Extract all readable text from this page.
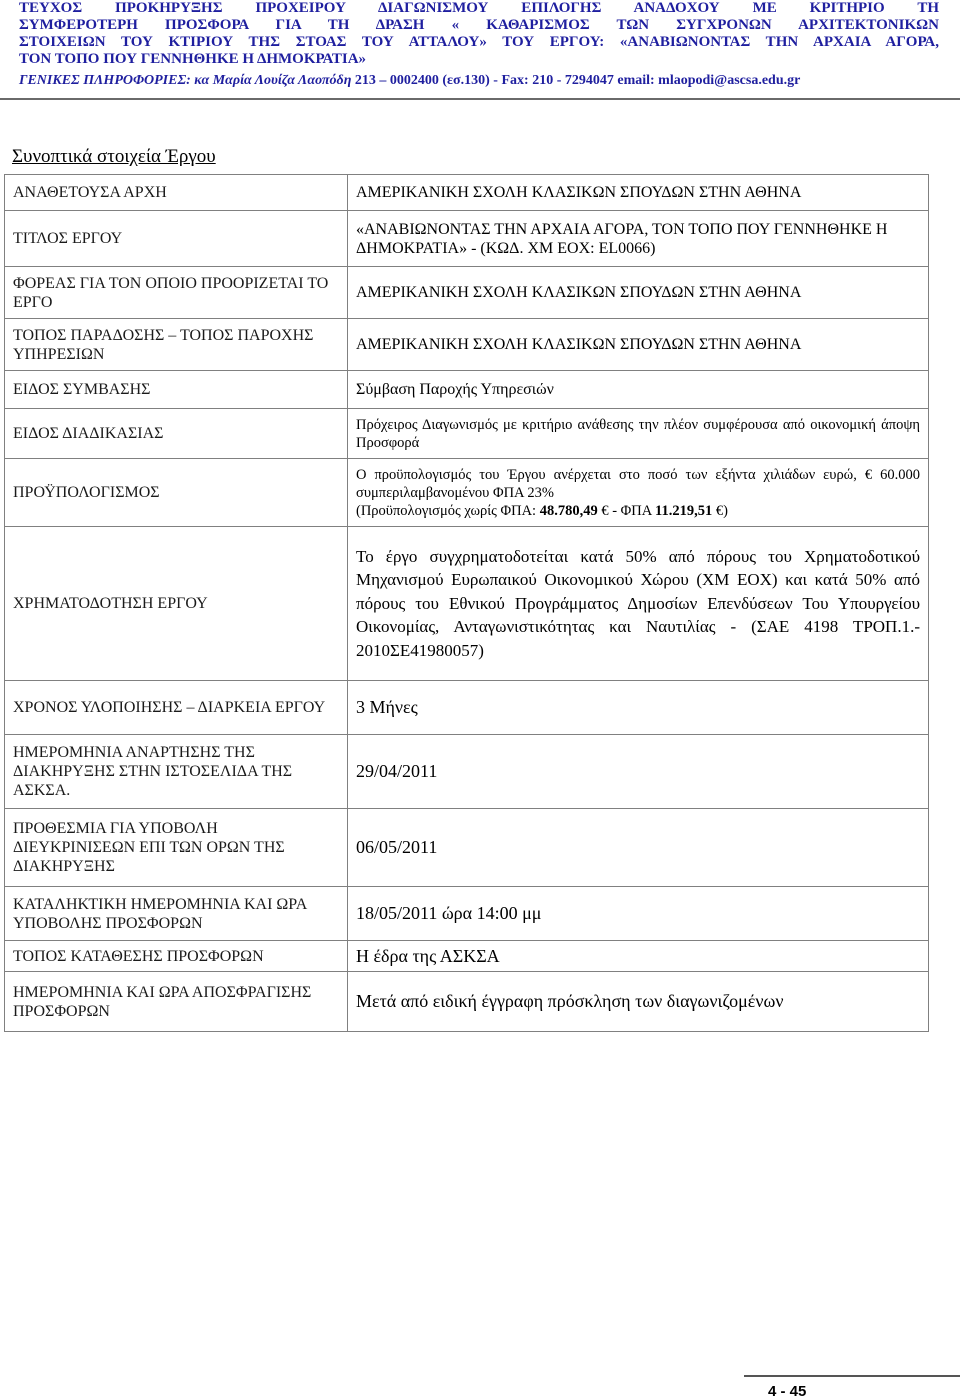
ΤΕΥΧΟΣ ΠΡΟΚΗΡΥΞΗΣ ΠΡΟΧΕΙΡΟΥ ΔΙΑΓΩΝΙΣΜΟΥ ΕΠΙΛΟΓΗΣ ΑΝΑΔΟΧΟΥ ΜΕ ΚΡΙΤΗΡΙΟ ΤΗ
ΣΥΜΦΕΡΟΤΕΡΗ ΠΡΟΣΦΟΡΑ ΓΙΑ ΤΗ ΔΡΑΣΗ « ΚΑΘΑΡΙΣΜΟΣ ΤΩΝ ΣΥΓΧΡΟΝΩΝ ΑΡΧΙΤΕΚΤΟΝΙΚΩΝ
ΣΤΟΙΧΕΙΩΝ ΤΟΥ ΚΤΙΡΙΟΥ ΤΗΣ ΣΤΟΑΣ ΤΟΥ ΑΤΤΑΛΟΥ» ΤΟΥ ΕΡΓΟΥ: «ΑΝΑΒΙΩΝΟΝΤΑΣ ΤΗΝ ΑΡΧΑΙΑ ΑΓΟΡΑ,
ΤΟΝ ΤΟΠΟ ΠΟΥ ΓΕΝΝΗΘΗΚΕ Η ΔΗΜΟΚΡΑΤΙΑ»
ΓΕΝΙΚΕΣ ΠΛΗΡΟΦΟΡΙΕΣ: κα Μαρία Λουίζα Λαοπόδη 213 – 0002400 (εσ.130) - Fax: 210 - 7294047 email: mlaopodi@ascsa.edu.gr
Συνοπτικά στοιχεία Έργου
ΑΝΑΘΕΤΟΥΣΑ ΑΡΧΗ	ΑΜΕΡΙΚΑΝΙΚΗ ΣΧΟΛΗ ΚΛΑΣΙΚΩΝ ΣΠΟΥΔΩΝ ΣΤΗΝ ΑΘΗΝΑ
ΤΙΤΛΟΣ ΕΡΓΟΥ	«ΑΝΑΒΙΩΝΟΝΤΑΣ ΤΗΝ ΑΡΧΑΙΑ ΑΓΟΡΑ, ΤΟΝ ΤΟΠΟ ΠΟΥ ΓΕΝΝΗΘΗΚΕ Η ΔΗΜΟΚΡΑΤΙΑ» - (ΚΩΔ. ΧΜ ΕΟΧ: EL0066)
ΦΟΡΕΑΣ ΓΙΑ ΤΟΝ ΟΠΟΙΟ ΠΡΟΟΡΙΖΕΤΑΙ ΤΟ ΕΡΓΟ	ΑΜΕΡΙΚΑΝΙΚΗ ΣΧΟΛΗ ΚΛΑΣΙΚΩΝ ΣΠΟΥΔΩΝ ΣΤΗΝ ΑΘΗΝΑ
ΤΟΠΟΣ ΠΑΡΑΔΟΣΗΣ – ΤΟΠΟΣ ΠΑΡΟΧΗΣ ΥΠΗΡΕΣΙΩΝ	ΑΜΕΡΙΚΑΝΙΚΗ ΣΧΟΛΗ ΚΛΑΣΙΚΩΝ ΣΠΟΥΔΩΝ ΣΤΗΝ ΑΘΗΝΑ
ΕΙΔΟΣ ΣΥΜΒΑΣΗΣ	Σύμβαση Παροχής Υπηρεσιών
ΕΙΔΟΣ ΔΙΑΔΙΚΑΣΙΑΣ	Πρόχειρος Διαγωνισμός με κριτήριο ανάθεσης την πλέον συμφέρουσα από οικονομική άποψη Προσφορά
ΠΡΟΫΠΟΛΟΓΙΣΜΟΣ	Ο προϋπολογισμός του Έργου ανέρχεται στο ποσό των εξήντα χιλιάδων ευρώ, € 60.000 συμπεριλαμβανομένου ΦΠΑ 23%
(Προϋπολογισμός χωρίς ΦΠΑ: 48.780,49 € - ΦΠΑ 11.219,51 €)
ΧΡΗΜΑΤΟΔΟΤΗΣΗ ΕΡΓΟΥ	Το έργο συγχρηματοδοτείται κατά 50% από πόρους του Χρηματοδοτικού Μηχανισμού Ευρωπαικού Οικονομικού Χώρου (ΧΜ ΕΟΧ) και κατά 50% από πόρους του Εθνικού Προγράμματος Δημοσίων Επενδύσεων Του Υπουργείου Οικονομίας, Ανταγωνιστικότητας και Ναυτιλίας - (ΣΑΕ 4198 ΤΡΟΠ.1.- 2010ΣΕ41980057)
ΧΡΟΝΟΣ ΥΛΟΠΟΙΗΣΗΣ – ΔΙΑΡΚΕΙΑ ΕΡΓΟΥ	3 Μήνες
ΗΜΕΡΟΜΗΝΙΑ ΑΝΑΡΤΗΣΗΣ ΤΗΣ ΔΙΑΚΗΡΥΞΗΣ ΣΤΗΝ ΙΣΤΟΣΕΛΙΔΑ ΤΗΣ ΑΣΚΣΑ.	29/04/2011
ΠΡΟΘΕΣΜΙΑ ΓΙΑ ΥΠΟΒΟΛΗ ΔΙΕΥΚΡΙΝΙΣΕΩΝ ΕΠΙ ΤΩΝ ΟΡΩΝ ΤΗΣ ΔΙΑΚΗΡΥΞΗΣ	06/05/2011
ΚΑΤΑΛΗΚΤΙΚΗ ΗΜΕΡΟΜΗΝΙΑ ΚΑΙ ΩΡΑ ΥΠΟΒΟΛΗΣ ΠΡΟΣΦΟΡΩΝ	18/05/2011 ώρα 14:00 μμ
ΤΟΠΟΣ ΚΑΤΑΘΕΣΗΣ ΠΡΟΣΦΟΡΩΝ	Η έδρα της ΑΣΚΣΑ
ΗΜΕΡΟΜΗΝΙΑ ΚΑΙ ΩΡΑ ΑΠΟΣΦΡΑΓΙΣΗΣ ΠΡΟΣΦΟΡΩΝ	Μετά από ειδική έγγραφη πρόσκληση των διαγωνιζομένων
4 - 45
